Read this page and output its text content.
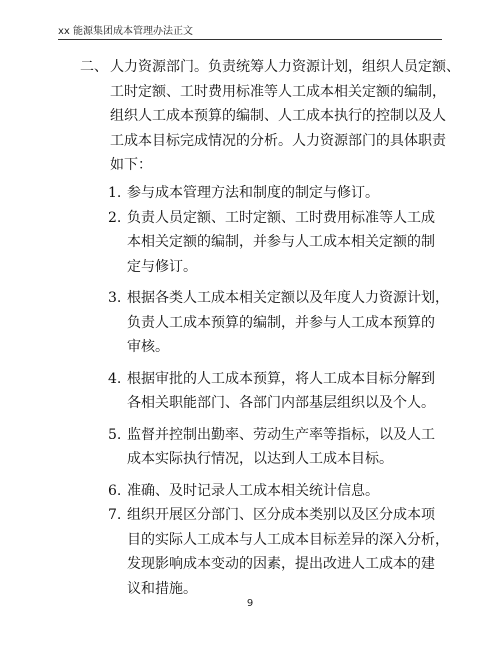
xx 能源集团成本管理办法正文
二、 人力资源部门。负责统筹人力资源计划，组织人员定额、
工时定额、工时费用标准等人工成本相关定额的编制，
组织人工成本预算的编制、人工成本执行的控制以及人
工成本目标完成情况的分析。人力资源部门的具体职责
如下：
1. 参与成本管理方法和制度的制定与修订。
2. 负责人员定额、工时定额、工时费用标准等人工成
本相关定额的编制，并参与人工成本相关定额的制
定与修订。
3. 根据各类人工成本相关定额以及年度人力资源计划，
负责人工成本预算的编制，并参与人工成本预算的
审核。
4. 根据审批的人工成本预算，将人工成本目标分解到
各相关职能部门、各部门内部基层组织以及个人。
5. 监督并控制出勤率、劳动生产率等指标，以及人工
成本实际执行情况，以达到人工成本目标。
6. 准确、及时记录人工成本相关统计信息。
7. 组织开展区分部门、区分成本类别以及区分成本项
目的实际人工成本与人工成本目标差异的深入分析，
发现影响成本变动的因素，提出改进人工成本的建
议和措施。
9
